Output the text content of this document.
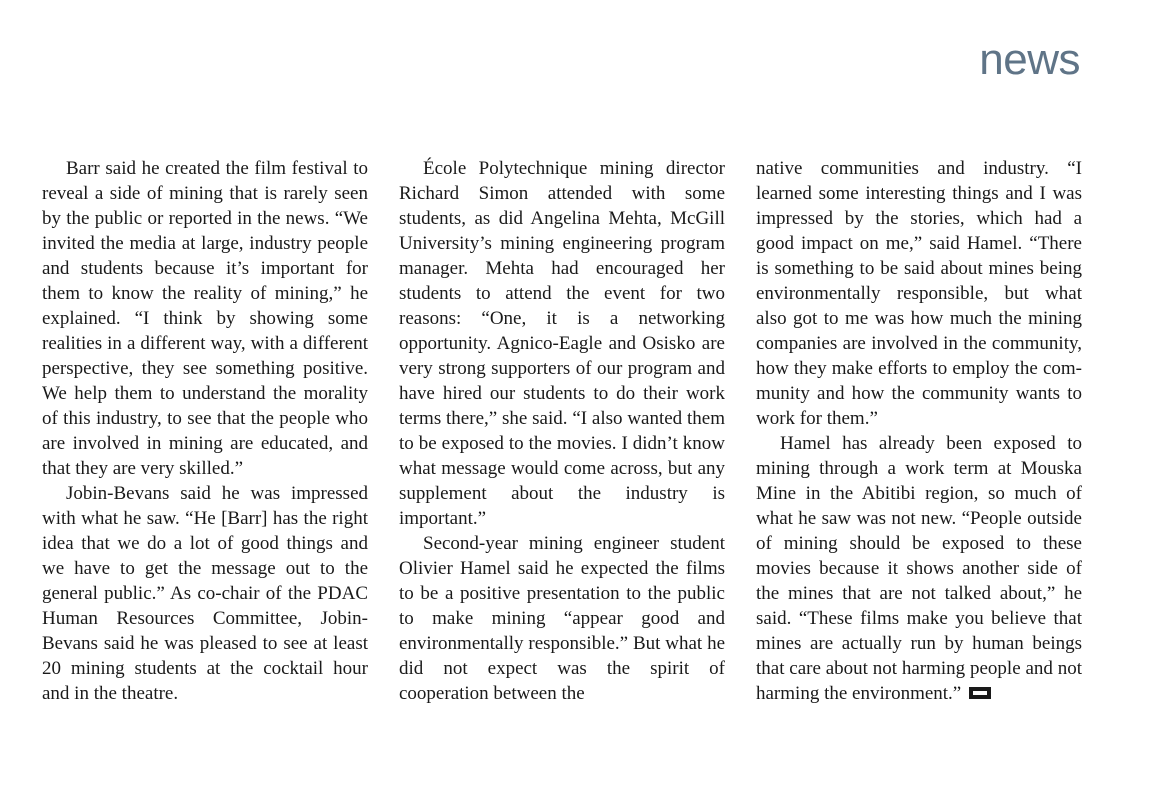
news

Barr said he created the film festival to reveal a side of mining that is rarely seen by the public or reported in the news. “We invited the media at large, industry people and students because it’s important for them to know the reality of mining,” he explained. “I think by showing some realities in a different way, with a different perspective, they see something positive. We help them to understand the morality of this industry, to see that the people who are involved in mining are educated, and that they are very skilled.”

Jobin-Bevans said he was impressed with what he saw. “He [Barr] has the right idea that we do a lot of good things and we have to get the message out to the general public.” As co-chair of the PDAC Human Resources Committee, Jobin-Bevans said he was pleased to see at least 20 mining students at the cocktail hour and in the theatre.

École Polytechnique mining director Richard Simon attended with some students, as did Angelina Mehta, McGill University’s mining engineering program manager. Mehta had encouraged her students to attend the event for two reasons: “One, it is a networking opportunity. Agnico-Eagle and Osisko are very strong supporters of our program and have hired our students to do their work terms there,” she said. “I also wanted them to be exposed to the movies. I didn’t know what message would come across, but any supplement about the industry is important.”

Second-year mining engineer student Olivier Hamel said he expected the films to be a positive presentation to the public to make mining “appear good and environmentally responsible.” But what he did not expect was the spirit of cooperation between the

native communities and industry. “I learned some interesting things and I was impressed by the stories, which had a good impact on me,” said Hamel. “There is something to be said about mines being environmentally responsible, but what also got to me was how much the mining companies are involved in the community, how they make efforts to employ the community and how the community wants to work for them.”

Hamel has already been exposed to mining through a work term at Mouska Mine in the Abitibi region, so much of what he saw was not new. “People outside of mining should be exposed to these movies because it shows another side of the mines that are not talked about,” he said. “These films make you believe that mines are actually run by human beings that care about not harming people and not harming the environment.”
